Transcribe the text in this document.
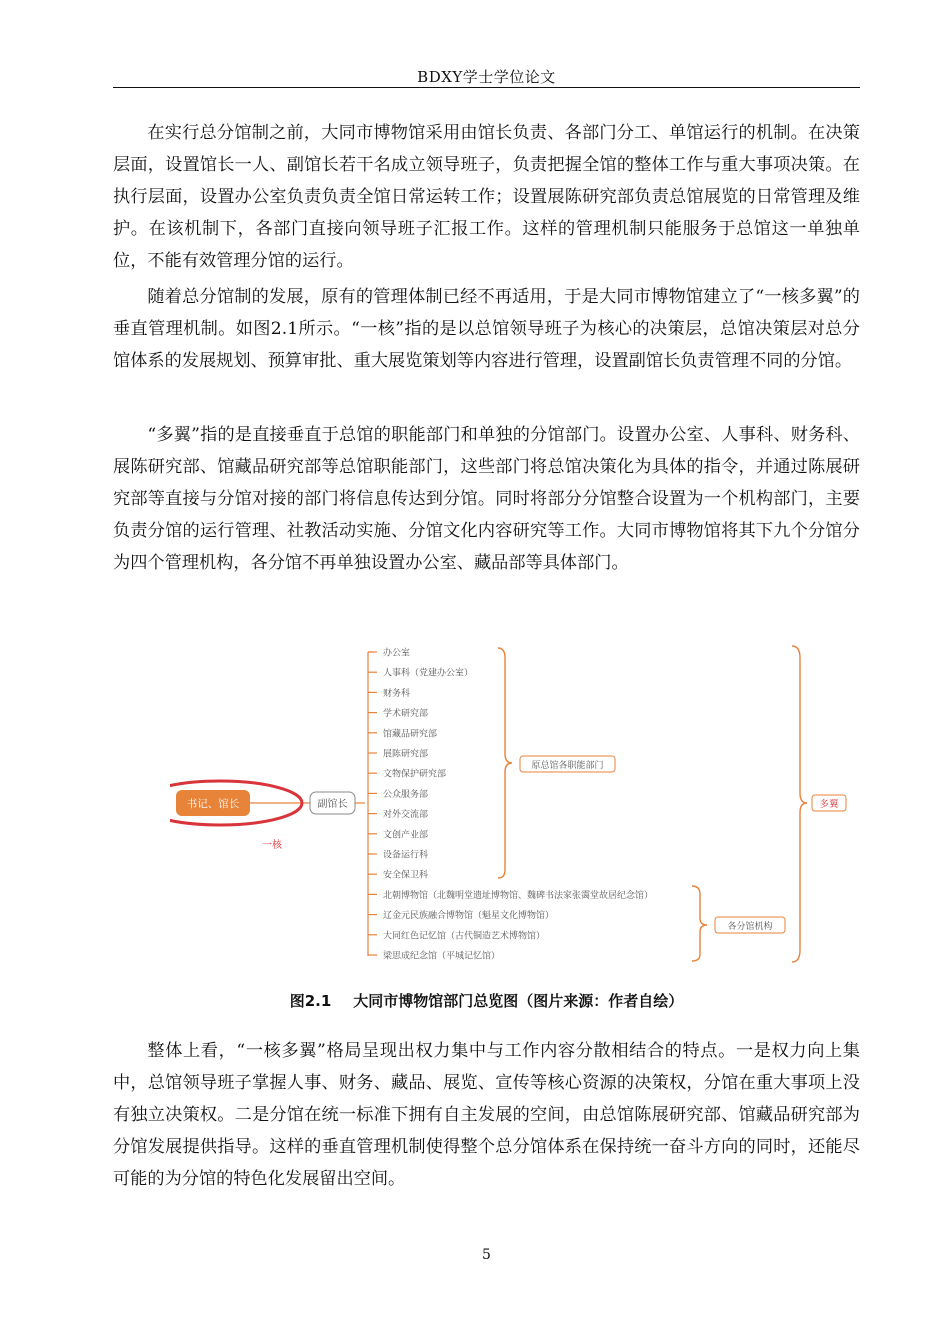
BDXY学士学位论文

在实行总分馆制之前，大同市博物馆采用由馆长负责、各部门分工、单馆运行的机制。在决策层面，设置馆长一人、副馆长若干名成立领导班子，负责把握全馆的整体工作与重大事项决策。在执行层面，设置办公室负责负责全馆日常运转工作；设置展陈研究部负责总馆展览的日常管理及维护。在该机制下，各部门直接向领导班子汇报工作。这样的管理机制只能服务于总馆这一单独单位，不能有效管理分馆的运行。

随着总分馆制的发展，原有的管理体制已经不再适用，于是大同市博物馆建立了“一核多翼”的垂直管理机制。如图2.1所示。“一核”指的是以总馆领导班子为核心的决策层，总馆决策层对总分馆体系的发展规划、预算审批、重大展览策划等内容进行管理，设置副馆长负责管理不同的分馆。

“多翼”指的是直接垂直于总馆的职能部门和单独的分馆部门。设置办公室、人事科、财务科、展陈研究部、馆藏品研究部等总馆职能部门，这些部门将总馆决策化为具体的指令，并通过陈展研究部等直接与分馆对接的部门将信息传达到分馆。同时将部分分馆整合设置为一个机构部门，主要负责分馆的运行管理、社教活动实施、分馆文化内容研究等工作。大同市博物馆将其下九个分馆分为四个管理机构，各分馆不再单独设置办公室、藏品部等具体部门。

书记、馆长
一核
副馆长
办公室
人事科（党建办公室）
财务科
学术研究部
馆藏品研究部
展陈研究部
文物保护研究部
公众服务部
对外交流部
文创产业部
设备运行科
安全保卫科
北朝博物馆（北魏明堂遗址博物馆、魏碑书法家张霭堂故居纪念馆）
辽金元民族融合博物馆（魁星文化博物馆）
大同红色记忆馆（古代铜造艺术博物馆）
梁思成纪念馆（平城记忆馆）
原总馆各职能部门
各分馆机构
多翼
图2.1 大同市博物馆部门总览图（图片来源：作者自绘）

整体上看，“一核多翼”格局呈现出权力集中与工作内容分散相结合的特点。一是权力向上集中，总馆领导班子掌握人事、财务、藏品、展览、宣传等核心资源的决策权，分馆在重大事项上没有独立决策权。二是分馆在统一标准下拥有自主发展的空间，由总馆陈展研究部、馆藏品研究部为分馆发展提供指导。这样的垂直管理机制使得整个总分馆体系在保持统一奋斗方向的同时，还能尽可能的为分馆的特色化发展留出空间。

5
